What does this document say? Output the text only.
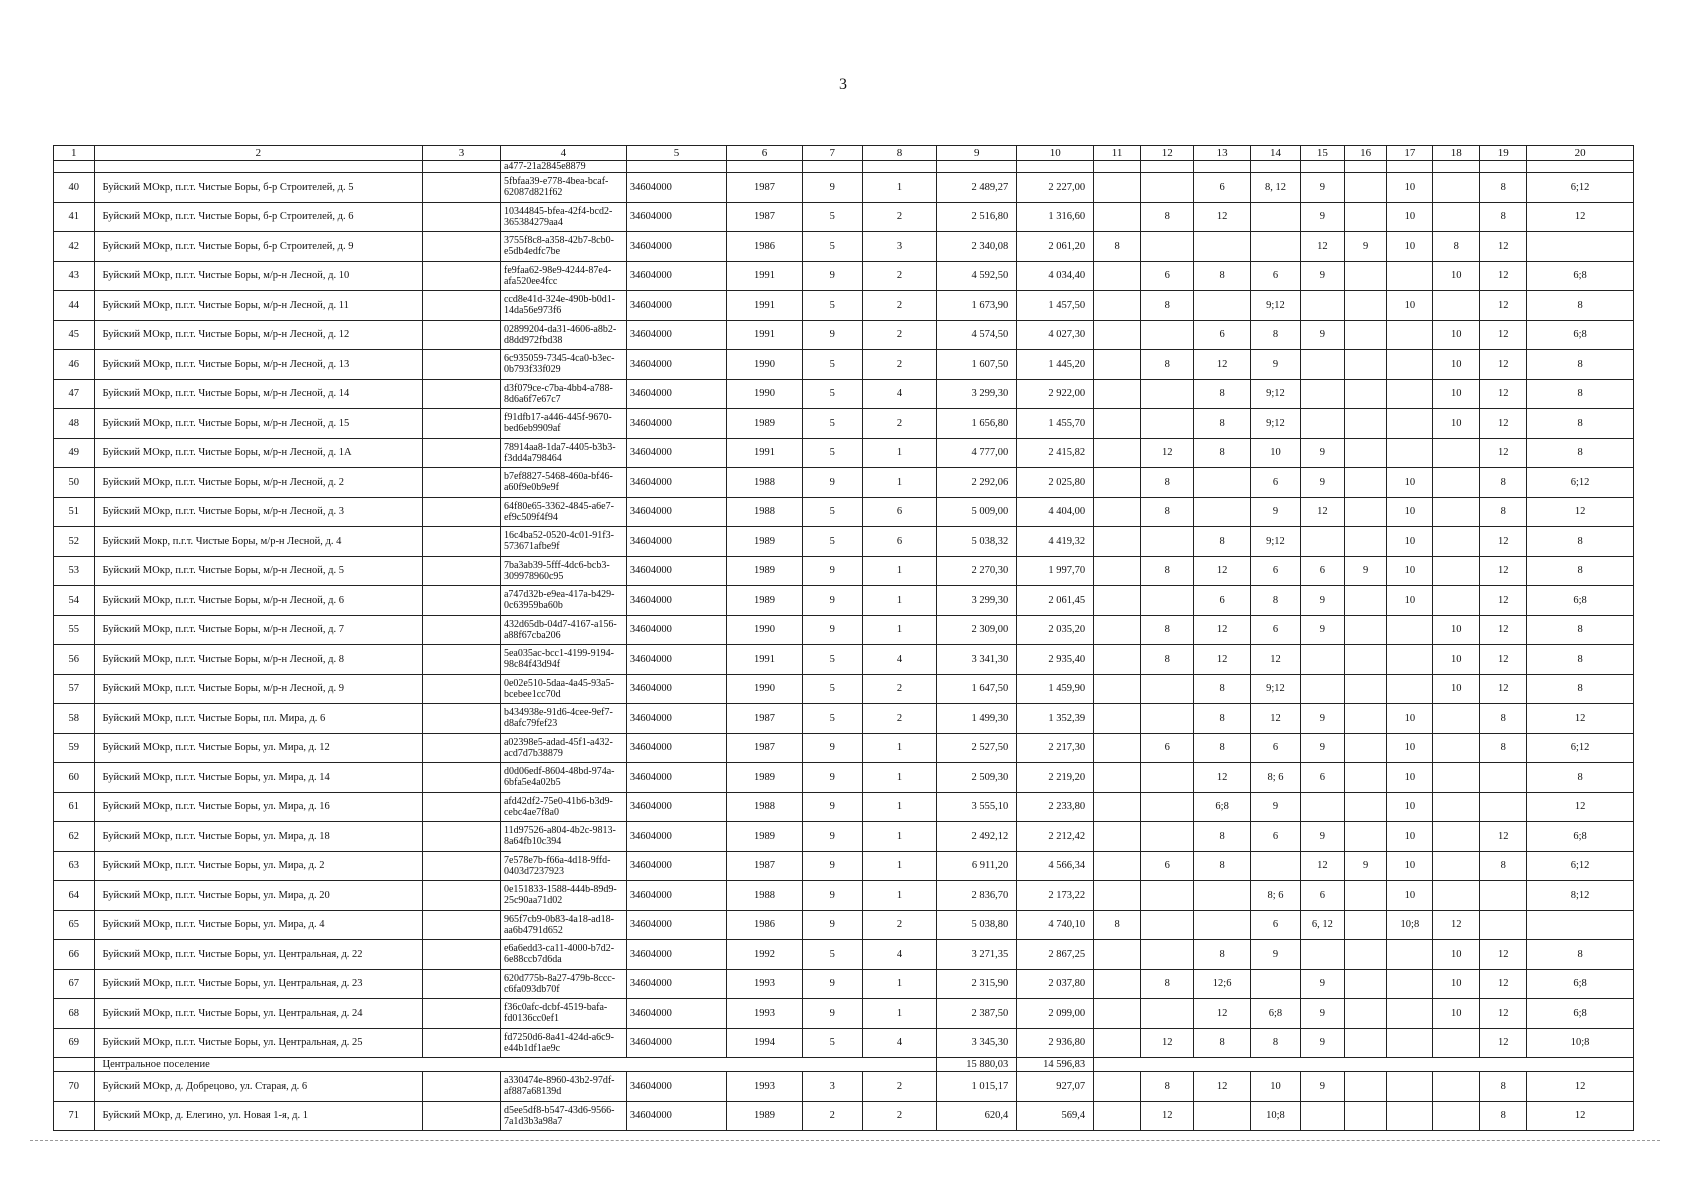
3
1	2	3	4	5	6	7	8	9	10	11	12	13	14	15	16	17	18	19	20
			a477-21a2845e8879																
40	Буйский МОкр, п.г.т. Чистые Боры, б-р Строителей, д. 5		5fbfaa39-e778-4bea-bcaf-62087d821f62	34604000	1987	9	1	2 489,27	2 227,00			6	8, 12	9		10		8	6;12
41	Буйский МОкр, п.г.т. Чистые Боры, б-р Строителей, д. 6		10344845-bfea-42f4-bcd2-365384279aa4	34604000	1987	5	2	2 516,80	1 316,60		8	12		9		10		8	12
42	Буйский МОкр, п.г.т. Чистые Боры, б-р Строителей, д. 9		3755f8c8-a358-42b7-8cb0-e5db4edfc7be	34604000	1986	5	3	2 340,08	2 061,20	8				12	9	10	8	12	
43	Буйский МОкр, п.г.т. Чистые Боры, м/р-н Лесной, д. 10		fe9faa62-98e9-4244-87e4-afa520ee4fcc	34604000	1991	9	2	4 592,50	4 034,40		6	8	6	9			10	12	6;8
44	Буйский МОкр, п.г.т. Чистые Боры, м/р-н Лесной, д. 11		ccd8e41d-324e-490b-b0d1-14da56e973f6	34604000	1991	5	2	1 673,90	1 457,50		8		9;12			10		12	8
45	Буйский МОкр, п.г.т. Чистые Боры, м/р-н Лесной, д. 12		02899204-da31-4606-a8b2-d8dd972fbd38	34604000	1991	9	2	4 574,50	4 027,30			6	8	9			10	12	6;8
46	Буйский МОкр, п.г.т. Чистые Боры, м/р-н Лесной, д. 13		6c935059-7345-4ca0-b3ec-0b793f33f029	34604000	1990	5	2	1 607,50	1 445,20		8	12	9				10	12	8
47	Буйский МОкр, п.г.т. Чистые Боры, м/р-н Лесной, д. 14		d3f079ce-c7ba-4bb4-a788-8d6a6f7e67c7	34604000	1990	5	4	3 299,30	2 922,00			8	9;12				10	12	8
48	Буйский МОкр, п.г.т. Чистые Боры, м/р-н Лесной, д. 15		f91dfb17-a446-445f-9670-bed6eb9909af	34604000	1989	5	2	1 656,80	1 455,70			8	9;12				10	12	8
49	Буйский МОкр, п.г.т. Чистые Боры, м/р-н Лесной, д. 1А		78914aa8-1da7-4405-b3b3-f3dd4a798464	34604000	1991	5	1	4 777,00	2 415,82		12	8	10	9				12	8
50	Буйский МОкр, п.г.т. Чистые Боры, м/р-н Лесной, д. 2		b7ef8827-5468-460a-bf46-a60f9e0b9e9f	34604000	1988	9	1	2 292,06	2 025,80		8		6	9		10		8	6;12
51	Буйский МОкр, п.г.т. Чистые Боры, м/р-н Лесной, д. 3		64f80e65-3362-4845-a6e7-ef9c509f4f94	34604000	1988	5	6	5 009,00	4 404,00		8		9	12		10		8	12
52	Буйский Мокр, п.г.т. Чистые Боры, м/р-н Лесной, д. 4		16c4ba52-0520-4c01-91f3-573671afbe9f	34604000	1989	5	6	5 038,32	4 419,32			8	9;12			10		12	8
53	Буйский МОкр, п.г.т. Чистые Боры, м/р-н Лесной, д. 5		7ba3ab39-5fff-4dc6-bcb3-309978960c95	34604000	1989	9	1	2 270,30	1 997,70		8	12	6	6	9	10		12	8
54	Буйский МОкр, п.г.т. Чистые Боры, м/р-н Лесной, д. 6		a747d32b-e9ea-417a-b429-0c63959ba60b	34604000	1989	9	1	3 299,30	2 061,45			6	8	9		10		12	6;8
55	Буйский МОкр, п.г.т. Чистые Боры, м/р-н Лесной, д. 7		432d65db-04d7-4167-a156-a88f67cba206	34604000	1990	9	1	2 309,00	2 035,20		8	12	6	9			10	12	8
56	Буйский МОкр, п.г.т. Чистые Боры, м/р-н Лесной, д. 8		5ea035ac-bcc1-4199-9194-98c84f43d94f	34604000	1991	5	4	3 341,30	2 935,40		8	12	12				10	12	8
57	Буйский МОкр, п.г.т. Чистые Боры, м/р-н Лесной, д. 9		0e02e510-5daa-4a45-93a5-bcebee1cc70d	34604000	1990	5	2	1 647,50	1 459,90			8	9;12				10	12	8
58	Буйский МОкр, п.г.т. Чистые Боры, пл. Мира, д. 6		b434938e-91d6-4cee-9ef7-d8afc79fef23	34604000	1987	5	2	1 499,30	1 352,39			8	12	9		10		8	12
59	Буйский МОкр, п.г.т. Чистые Боры, ул. Мира, д. 12		a02398e5-adad-45f1-a432-acd7d7b38879	34604000	1987	9	1	2 527,50	2 217,30		6	8	6	9		10		8	6;12
60	Буйский МОкр, п.г.т. Чистые Боры, ул. Мира, д. 14		d0d06edf-8604-48bd-974a-6bfa5e4a02b5	34604000	1989	9	1	2 509,30	2 219,20			12	8; 6	6		10			8
61	Буйский МОкр, п.г.т. Чистые Боры, ул. Мира, д. 16		afd42df2-75e0-41b6-b3d9-cebc4ae7f8a0	34604000	1988	9	1	3 555,10	2 233,80			6;8	9			10			12
62	Буйский МОкр, п.г.т. Чистые Боры, ул. Мира, д. 18		11d97526-a804-4b2c-9813-8a64fb10c394	34604000	1989	9	1	2 492,12	2 212,42			8	6	9		10		12	6;8
63	Буйский МОкр, п.г.т. Чистые Боры, ул. Мира, д. 2		7e578e7b-f66a-4d18-9ffd-0403d7237923	34604000	1987	9	1	6 911,20	4 566,34		6	8		12	9	10		8	6;12
64	Буйский МОкр, п.г.т. Чистые Боры, ул. Мира, д. 20		0e151833-1588-444b-89d9-25c90aa71d02	34604000	1988	9	1	2 836,70	2 173,22				8; 6	6		10			8;12
65	Буйский МОкр, п.г.т. Чистые Боры, ул. Мира, д. 4		965f7cb9-0b83-4a18-ad18-aa6b4791d652	34604000	1986	9	2	5 038,80	4 740,10	8			6	6, 12		10;8	12		
66	Буйский МОкр, п.г.т. Чистые Боры, ул. Центральная, д. 22		e6a6edd3-ca11-4000-b7d2-6e88ccb7d6da	34604000	1992	5	4	3 271,35	2 867,25			8	9				10	12	8
67	Буйский МОкр, п.г.т. Чистые Боры, ул. Центральная, д. 23		620d775b-8a27-479b-8ccc-c6fa093db70f	34604000	1993	9	1	2 315,90	2 037,80		8	12;6		9			10	12	6;8
68	Буйский МОкр, п.г.т. Чистые Боры, ул. Центральная, д. 24		f36c0afc-dcbf-4519-bafa-fd0136cc0ef1	34604000	1993	9	1	2 387,50	2 099,00			12	6;8	9			10	12	6;8
69	Буйский МОкр, п.г.т. Чистые Боры, ул. Центральная, д. 25		fd7250d6-8a41-424d-a6c9-e44b1df1ae9c	34604000	1994	5	4	3 345,30	2 936,80		12	8	8	9				12	10;8
	Центральное поселение							15 880,03	14 596,83										
70	Буйский МОкр, д. Добрецово, ул. Старая, д. 6		a330474e-8960-43b2-97df-af887a68139d	34604000	1993	3	2	1 015,17	927,07		8	12	10	9				8	12
71	Буйский МОкр, д. Елегино, ул. Новая 1-я, д. 1		d5ee5df8-b547-43d6-9566-7a1d3b3a98a7	34604000	1989	2	2	620,4	569,4		12		10;8					8	12
